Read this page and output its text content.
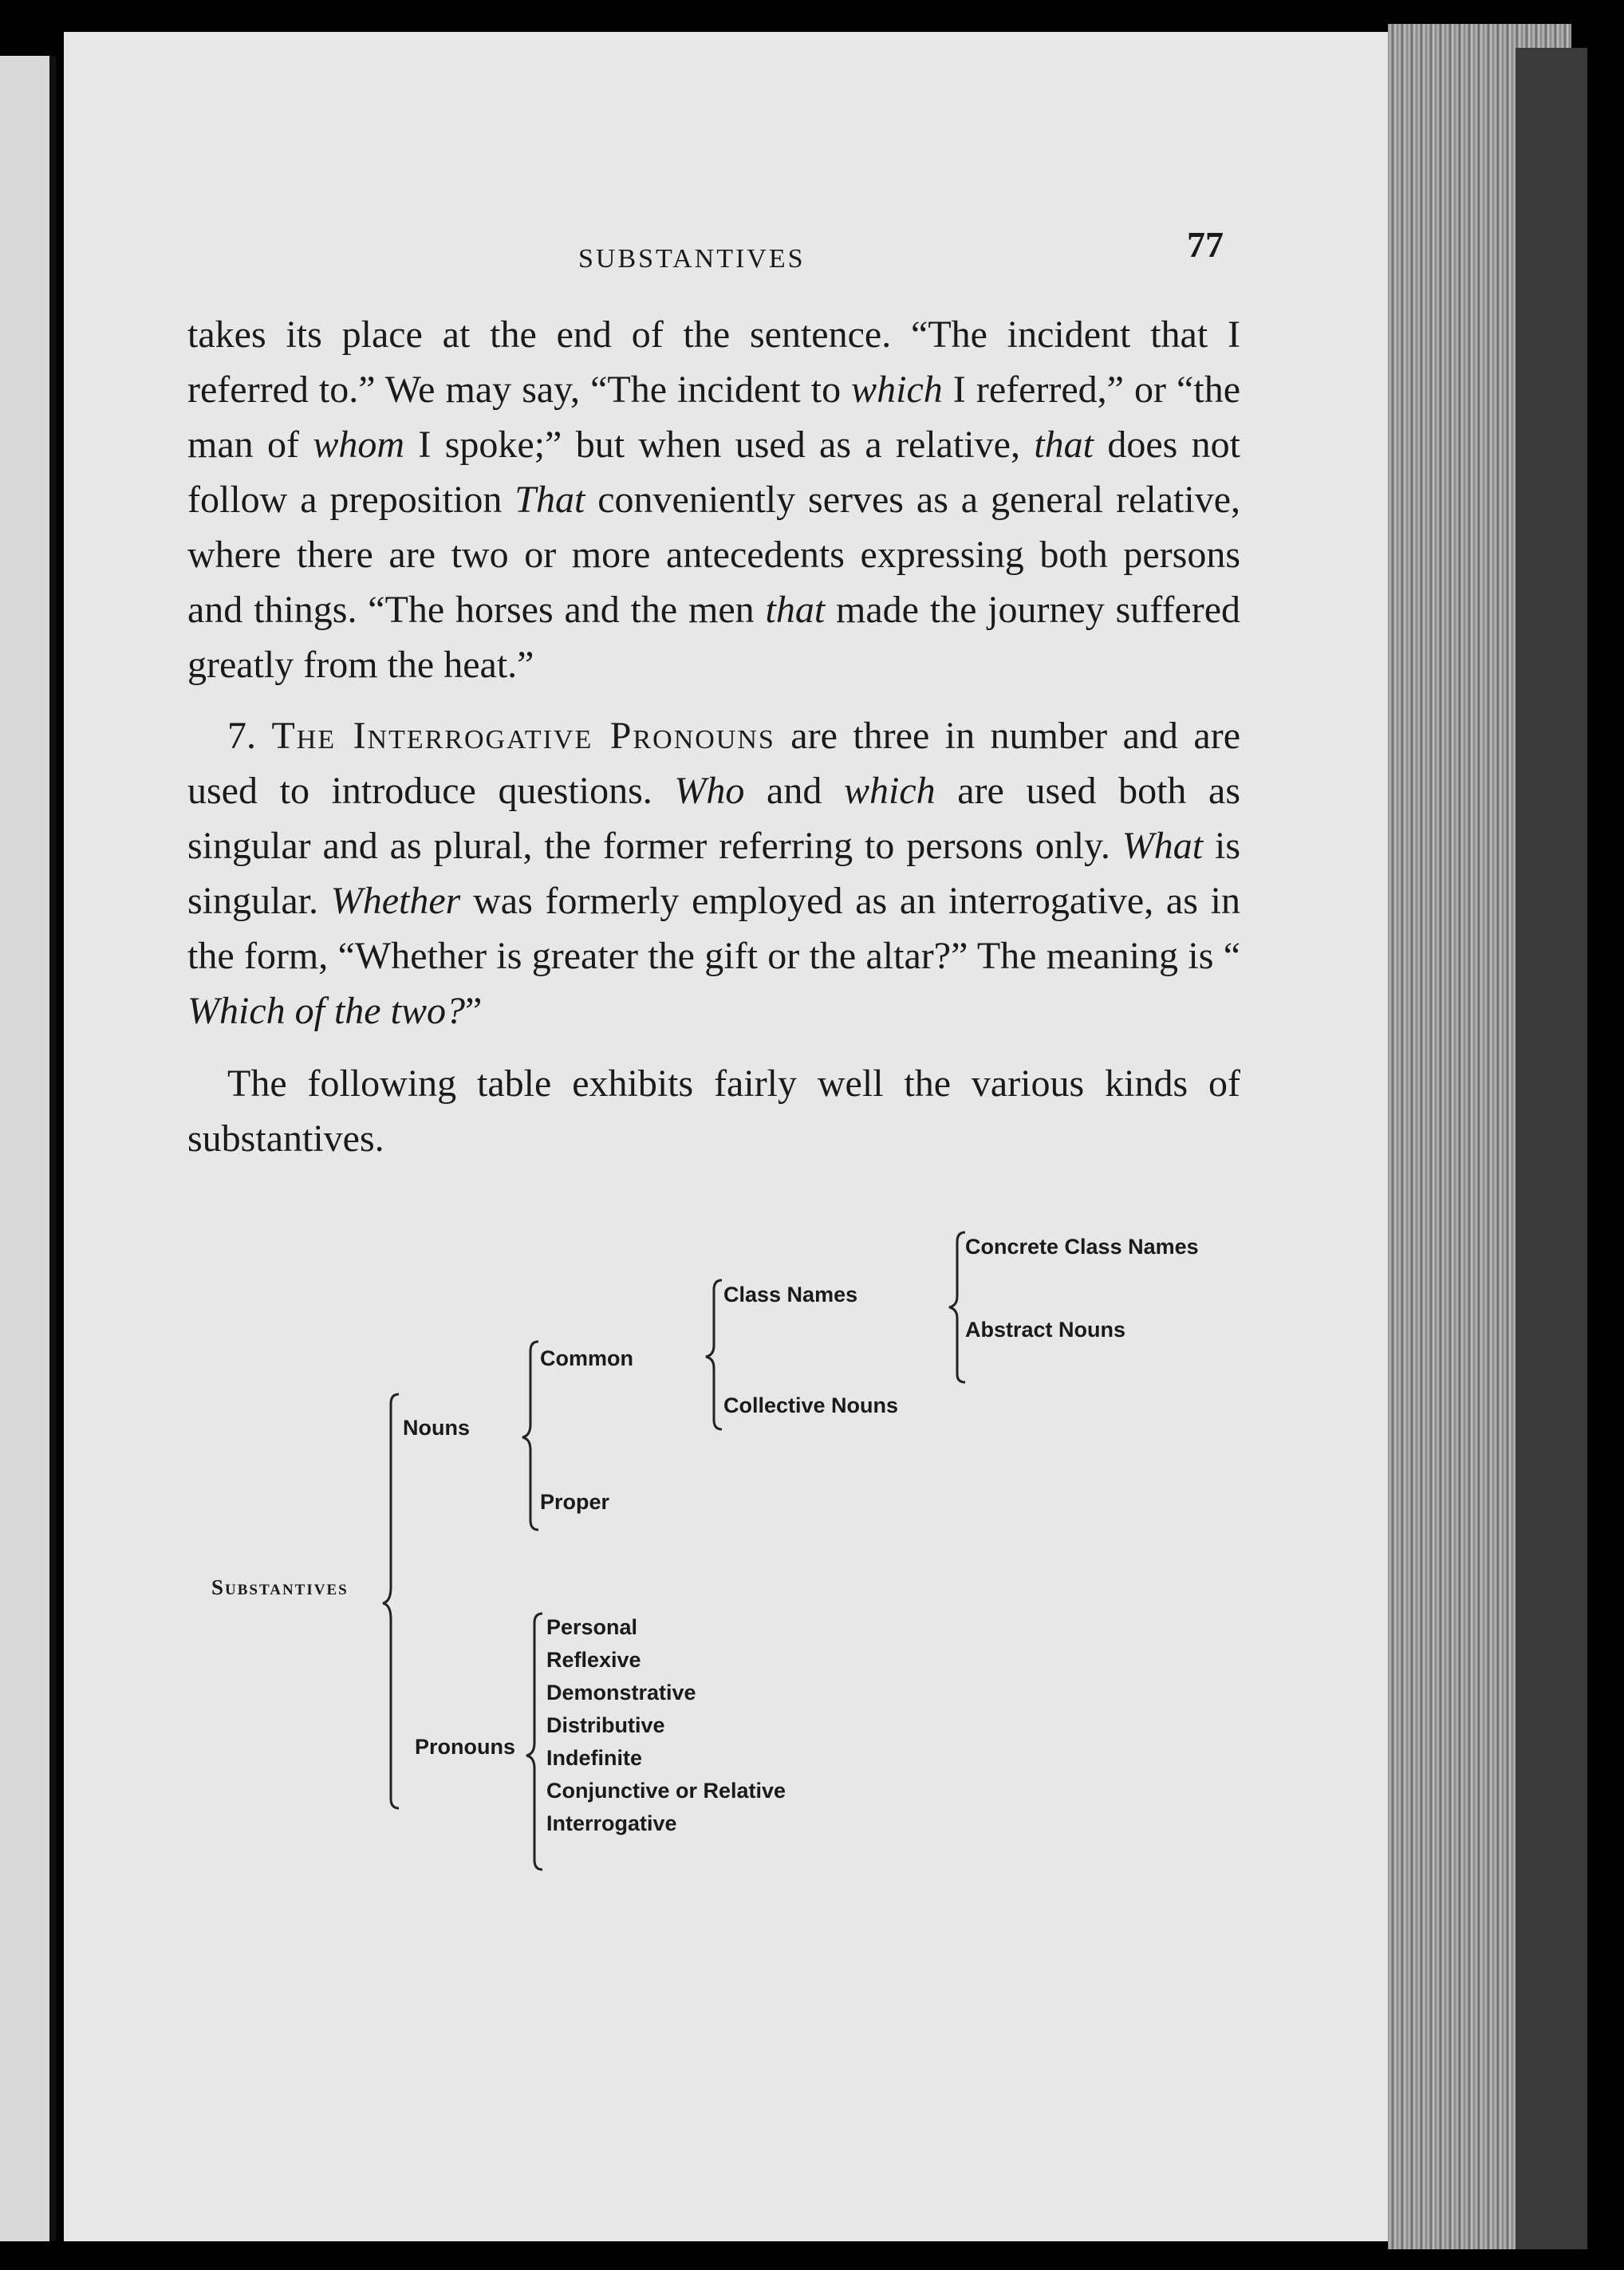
SUBSTANTIVES	77

takes its place at the end of the sentence. “The incident that I referred to.” We may say, “The incident to which I referred,” or “the man of whom I spoke;” but when used as a relative, that does not follow a preposition That conveniently serves as a general relative, where there are two or more antecedents expressing both persons and things. “The horses and the men that made the journey suffered greatly from the heat.”

7. The Interrogative Pronouns are three in number and are used to introduce questions. Who and which are used both as singular and as plural, the former referring to persons only. What is singular. Whether was formerly employed as an interrogative, as in the form, “Whether is greater the gift or the altar?” The meaning is “ Which of the two?”

The following table exhibits fairly well the various kinds of substantives.

Substantives
Nouns
Common
Proper
Class Names
Collective Nouns
Concrete Class Names
Abstract Nouns
Pronouns
Personal
Reflexive
Demonstrative
Distributive
Indefinite
Conjunctive or Relative
Interrogative
